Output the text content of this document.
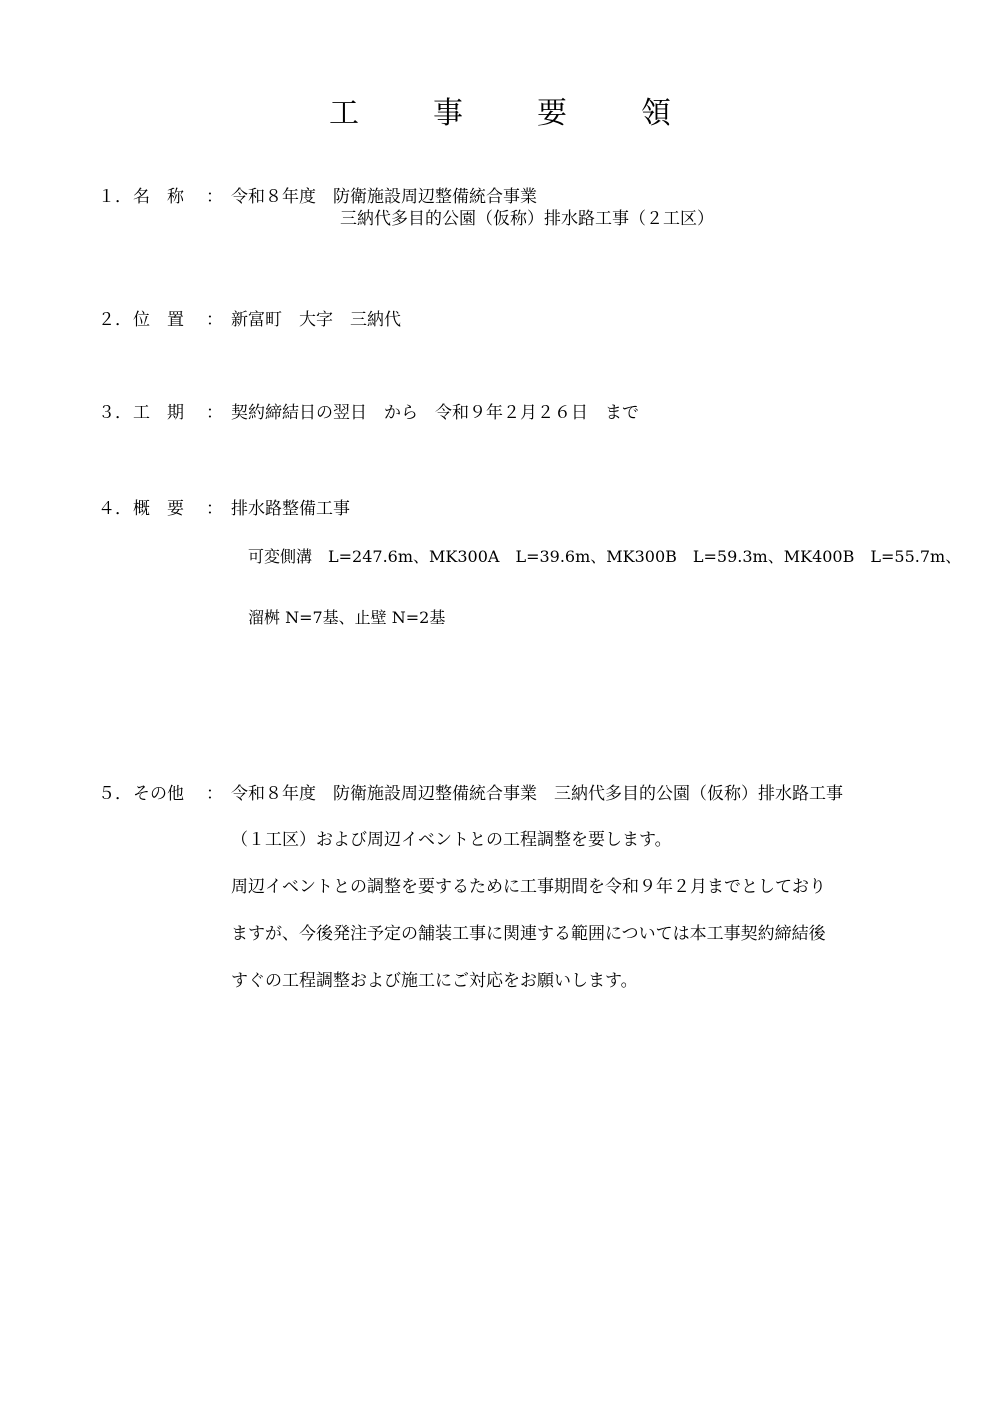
工　事　要　領
１． 名　称 ： 令和８年度　防衛施設周辺整備統合事業
三納代多目的公園（仮称）排水路工事（２工区）
２． 位　置 ： 新富町　大字　三納代
３． 工　期 ： 契約締結日の翌日　から　令和９年２月２６日　まで
４． 概　要 ： 排水路整備工事
可変側溝　L=247.6m、MK300A　L=39.6m、MK300B　L=59.3m、MK400B　L=55.7m、
溜桝 N=7基、止壁 N=2基
５． その他 ： 令和８年度　防衛施設周辺整備統合事業　三納代多目的公園（仮称）排水路工事
（１工区）および周辺イベントとの工程調整を要します。
周辺イベントとの調整を要するために工事期間を令和９年２月までとしており
ますが、今後発注予定の舗装工事に関連する範囲については本工事契約締結後
すぐの工程調整および施工にご対応をお願いします。
